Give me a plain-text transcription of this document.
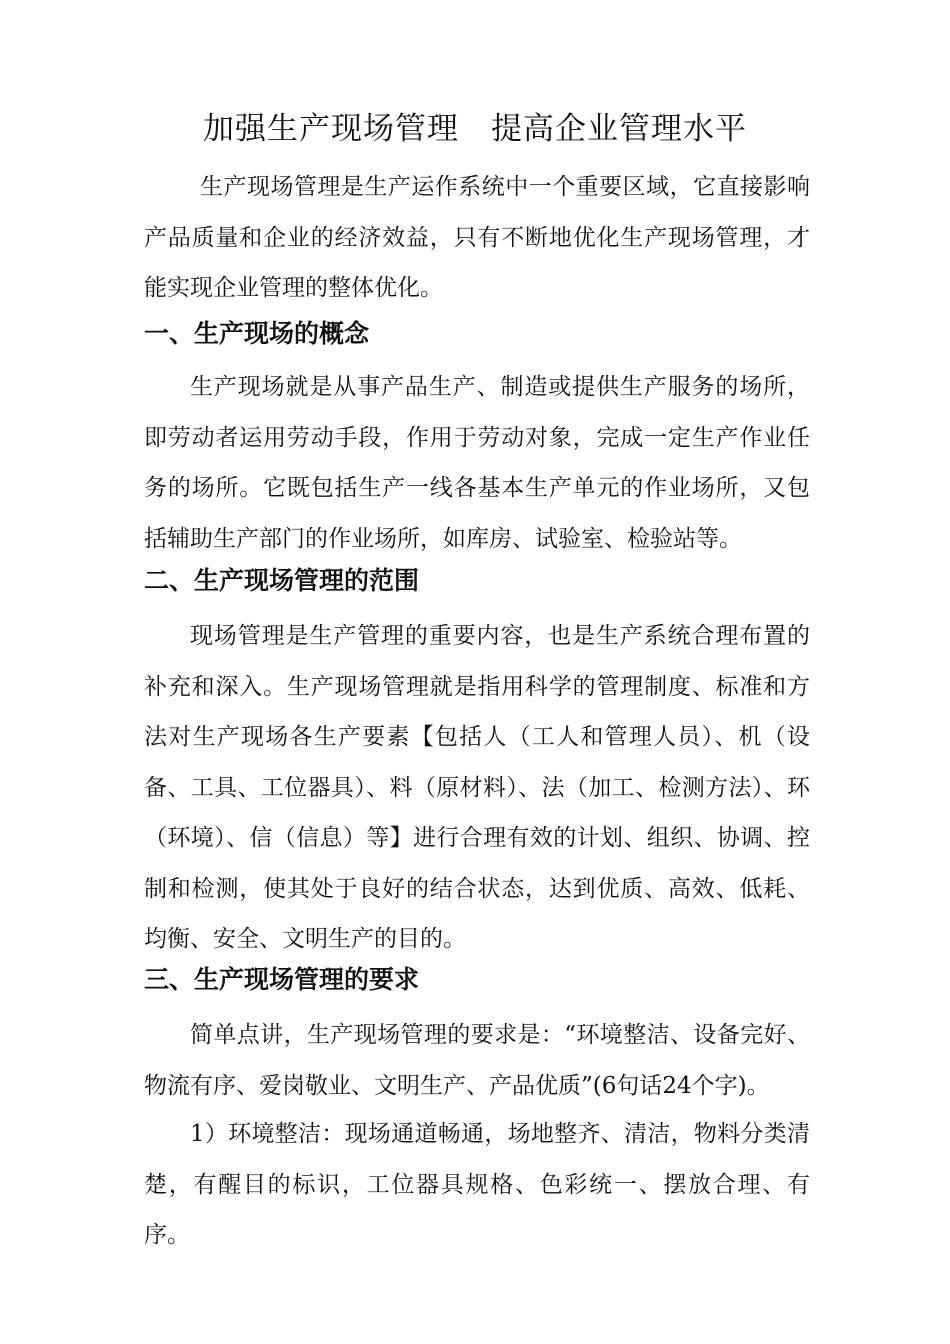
加强生产现场管理　提高企业管理水平

生产现场管理是生产运作系统中一个重要区域，它直接影响产品质量和企业的经济效益，只有不断地优化生产现场管理，才能实现企业管理的整体优化。

一、生产现场的概念

生产现场就是从事产品生产、制造或提供生产服务的场所，即劳动者运用劳动手段，作用于劳动对象，完成一定生产作业任务的场所。它既包括生产一线各基本生产单元的作业场所，又包括辅助生产部门的作业场所，如库房、试验室、检验站等。

二、生产现场管理的范围

现场管理是生产管理的重要内容，也是生产系统合理布置的补充和深入。生产现场管理就是指用科学的管理制度、标准和方法对生产现场各生产要素【包括人（工人和管理人员）、机（设备、工具、工位器具）、料（原材料）、法（加工、检测方法）、环（环境）、信（信息）等】进行合理有效的计划、组织、协调、控制和检测，使其处于良好的结合状态，达到优质、高效、低耗、均衡、安全、文明生产的目的。

三、生产现场管理的要求

简单点讲，生产现场管理的要求是：“环境整洁、设备完好、物流有序、爱岗敬业、文明生产、产品优质”(6句话24个字)。

1）环境整洁：现场通道畅通，场地整齐、清洁，物料分类清楚，有醒目的标识，工位器具规格、色彩统一、摆放合理、有序。
